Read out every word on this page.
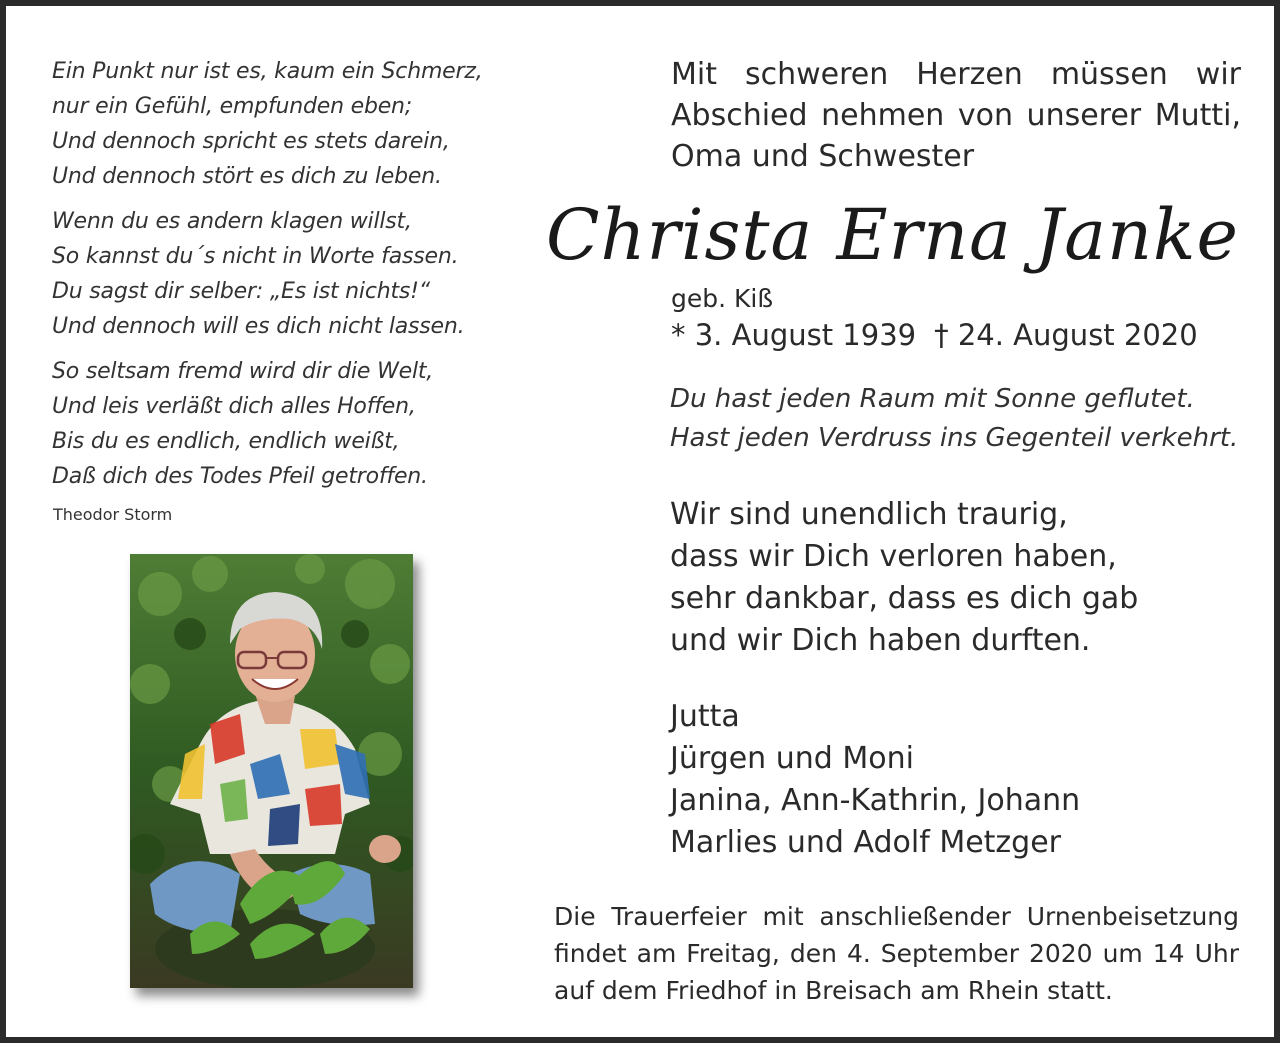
Ein Punkt nur ist es, kaum ein Schmerz,
nur ein Gefühl, empfunden eben;
Und dennoch spricht es stets darein,
Und dennoch stört es dich zu leben.
Wenn du es andern klagen willst,
So kannst du´s nicht in Worte fassen.
Du sagst dir selber: „Es ist nichts!“
Und dennoch will es dich nicht lassen.
So seltsam fremd wird dir die Welt,
Und leis verläßt dich alles Hoffen,
Bis du es endlich, endlich weißt,
Daß dich des Todes Pfeil getroffen.
Theodor Storm
Mit schweren Herzen müssen wir
Abschied nehmen von unserer Mutti,
Oma und Schwester
Christa Erna Janke
geb. Kiß
* 3. August 1939 † 24. August 2020
Du hast jeden Raum mit Sonne geflutet.
Hast jeden Verdruss ins Gegenteil verkehrt.
Wir sind unendlich traurig,
dass wir Dich verloren haben,
sehr dankbar, dass es dich gab
und wir Dich haben durften.
Jutta
Jürgen und Moni
Janina, Ann-Kathrin, Johann
Marlies und Adolf Metzger
Die Trauerfeier mit anschließender Urnenbeisetzung
findet am Freitag, den 4. September 2020 um 14 Uhr
auf dem Friedhof in Breisach am Rhein statt.
